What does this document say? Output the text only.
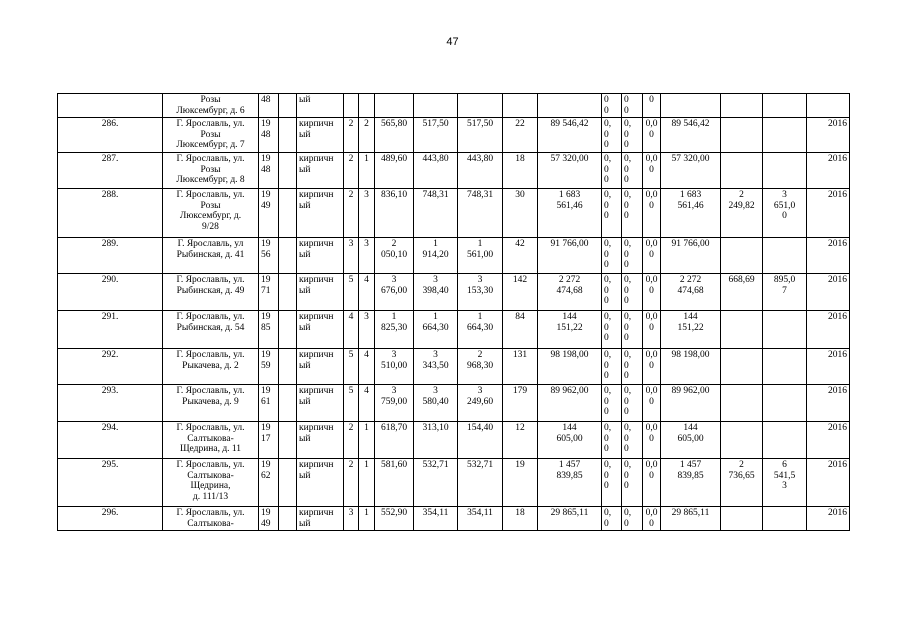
47
	Розы
Люксембург, д. 6	48		ый								0
0	0
0	0				
286.	Г. Ярославль, ул.
Розы
Люксембург, д. 7	19
48		кирпичн
ый	2	2	565,80	517,50	517,50	22	89 546,42	0,
0
0	0,
0
0	0,0
0	89 546,42			2016
287.	Г. Ярославль, ул.
Розы
Люксембург, д. 8	19
48		кирпичн
ый	2	1	489,60	443,80	443,80	18	57 320,00	0,
0
0	0,
0
0	0,0
0	57 320,00			2016
288.	Г. Ярославль, ул.
Розы
Люксембург, д.
9/28	19
49		кирпичн
ый	2	3	836,10	748,31	748,31	30	1 683
561,46	0,
0
0	0,
0
0	0,0
0	1 683
561,46	2
249,82	3
651,0
0	2016
289.	Г. Ярославль, ул
Рыбинская, д. 41	19
56		кирпичн
ый	3	3	2
050,10	1
914,20	1
561,00	42	91 766,00	0,
0
0	0,
0
0	0,0
0	91 766,00			2016
290.	Г. Ярославль, ул.
Рыбинская, д. 49	19
71		кирпичн
ый	5	4	3
676,00	3
398,40	3
153,30	142	2 272
474,68	0,
0
0	0,
0
0	0,0
0	2 272
474,68	668,69	895,0
7	2016
291.	Г. Ярославль, ул.
Рыбинская, д. 54	19
85		кирпичн
ый	4	3	1
825,30	1
664,30	1
664,30	84	144
151,22	0,
0
0	0,
0
0	0,0
0	144
151,22			2016
292.	Г. Ярославль, ул.
Рыкачева, д. 2	19
59		кирпичн
ый	5	4	3
510,00	3
343,50	2
968,30	131	98 198,00	0,
0
0	0,
0
0	0,0
0	98 198,00			2016
293.	Г. Ярославль, ул.
Рыкачева, д. 9	19
61		кирпичн
ый	5	4	3
759,00	3
580,40	3
249,60	179	89 962,00	0,
0
0	0,
0
0	0,0
0	89 962,00			2016
294.	Г. Ярославль, ул.
Салтыкова-
Щедрина, д. 11	19
17		кирпичн
ый	2	1	618,70	313,10	154,40	12	144
605,00	0,
0
0	0,
0
0	0,0
0	144
605,00			2016
295.	Г. Ярославль, ул.
Салтыкова-
Щедрина,
д. 111/13	19
62		кирпичн
ый	2	1	581,60	532,71	532,71	19	1 457
839,85	0,
0
0	0,
0
0	0,0
0	1 457
839,85	2
736,65	6
541,5
3	2016
296.	Г. Ярославль, ул.
Салтыкова-	19
49		кирпичн
ый	3	1	552,90	354,11	354,11	18	29 865,11	0,
0	0,
0	0,0
0	29 865,11			2016
